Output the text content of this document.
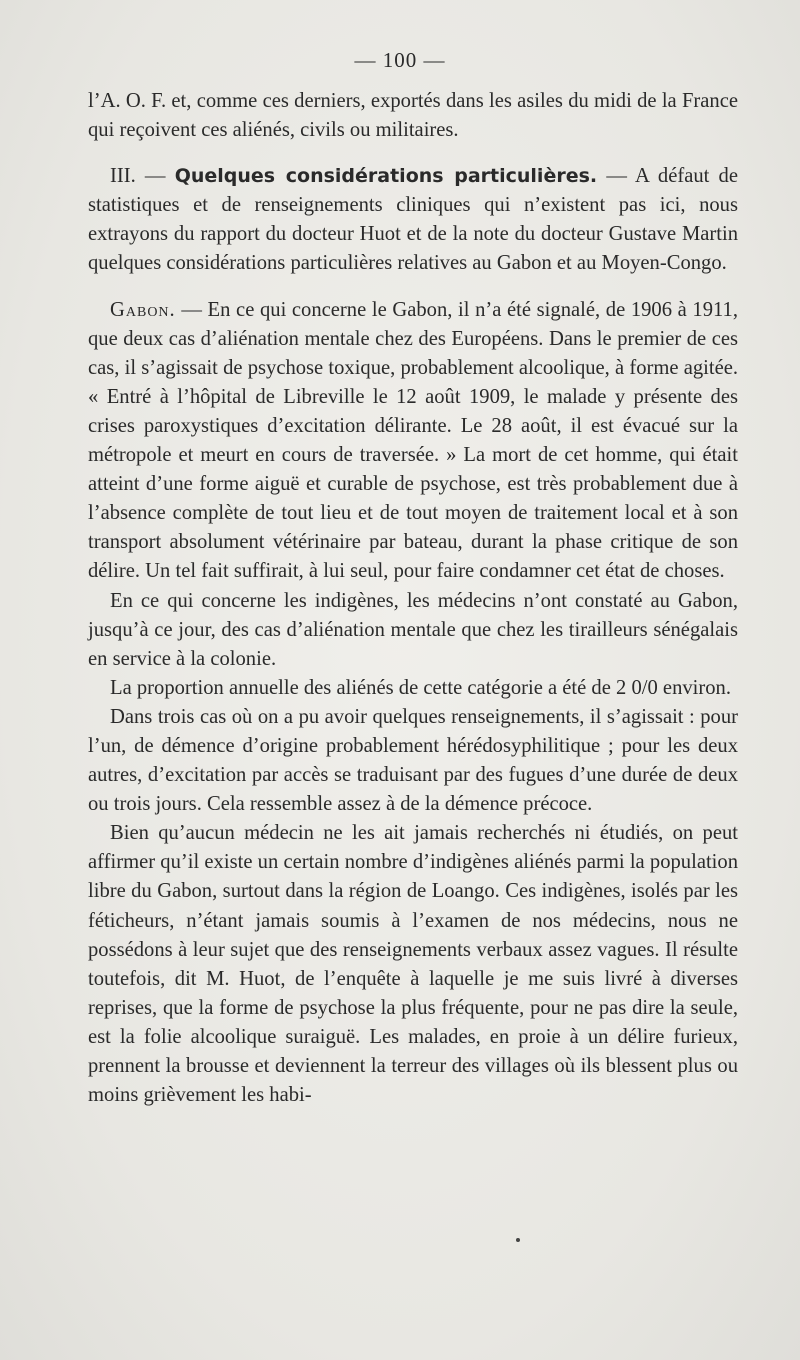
— 100 —

l’A. O. F. et, comme ces derniers, exportés dans les asiles du midi de la France qui reçoivent ces aliénés, civils ou militaires.

III. — Quelques considérations particulières. — A défaut de statistiques et de renseignements cliniques qui n’existent pas ici, nous extrayons du rapport du docteur Huot et de la note du docteur Gustave Martin quelques considérations particulières relatives au Gabon et au Moyen-Congo.

Gabon. — En ce qui concerne le Gabon, il n’a été signalé, de 1906 à 1911, que deux cas d’aliénation mentale chez des Européens. Dans le premier de ces cas, il s’agissait de psychose toxique, probablement alcoolique, à forme agitée. « Entré à l’hôpital de Libreville le 12 août 1909, le malade y présente des crises paroxystiques d’excitation délirante. Le 28 août, il est évacué sur la métropole et meurt en cours de traversée. » La mort de cet homme, qui était atteint d’une forme aiguë et curable de psychose, est très probablement due à l’absence complète de tout lieu et de tout moyen de traitement local et à son transport absolument vétérinaire par bateau, durant la phase critique de son délire. Un tel fait suffirait, à lui seul, pour faire condamner cet état de choses.

En ce qui concerne les indigènes, les médecins n’ont constaté au Gabon, jusqu’à ce jour, des cas d’aliénation mentale que chez les tirailleurs sénégalais en service à la colonie.

La proportion annuelle des aliénés de cette catégorie a été de 2 0/0 environ.

Dans trois cas où on a pu avoir quelques renseignements, il s’agissait : pour l’un, de démence d’origine probablement hérédosyphilitique ; pour les deux autres, d’excitation par accès se traduisant par des fugues d’une durée de deux ou trois jours. Cela ressemble assez à de la démence précoce.

Bien qu’aucun médecin ne les ait jamais recherchés ni étudiés, on peut affirmer qu’il existe un certain nombre d’indigènes aliénés parmi la population libre du Gabon, surtout dans la région de Loango. Ces indigènes, isolés par les féticheurs, n’étant jamais soumis à l’examen de nos médecins, nous ne possédons à leur sujet que des renseignements verbaux assez vagues. Il résulte toutefois, dit M. Huot, de l’enquête à laquelle je me suis livré à diverses reprises, que la forme de psychose la plus fréquente, pour ne pas dire la seule, est la folie alcoolique suraiguë. Les malades, en proie à un délire furieux, prennent la brousse et deviennent la terreur des villages où ils blessent plus ou moins grièvement les habi-
